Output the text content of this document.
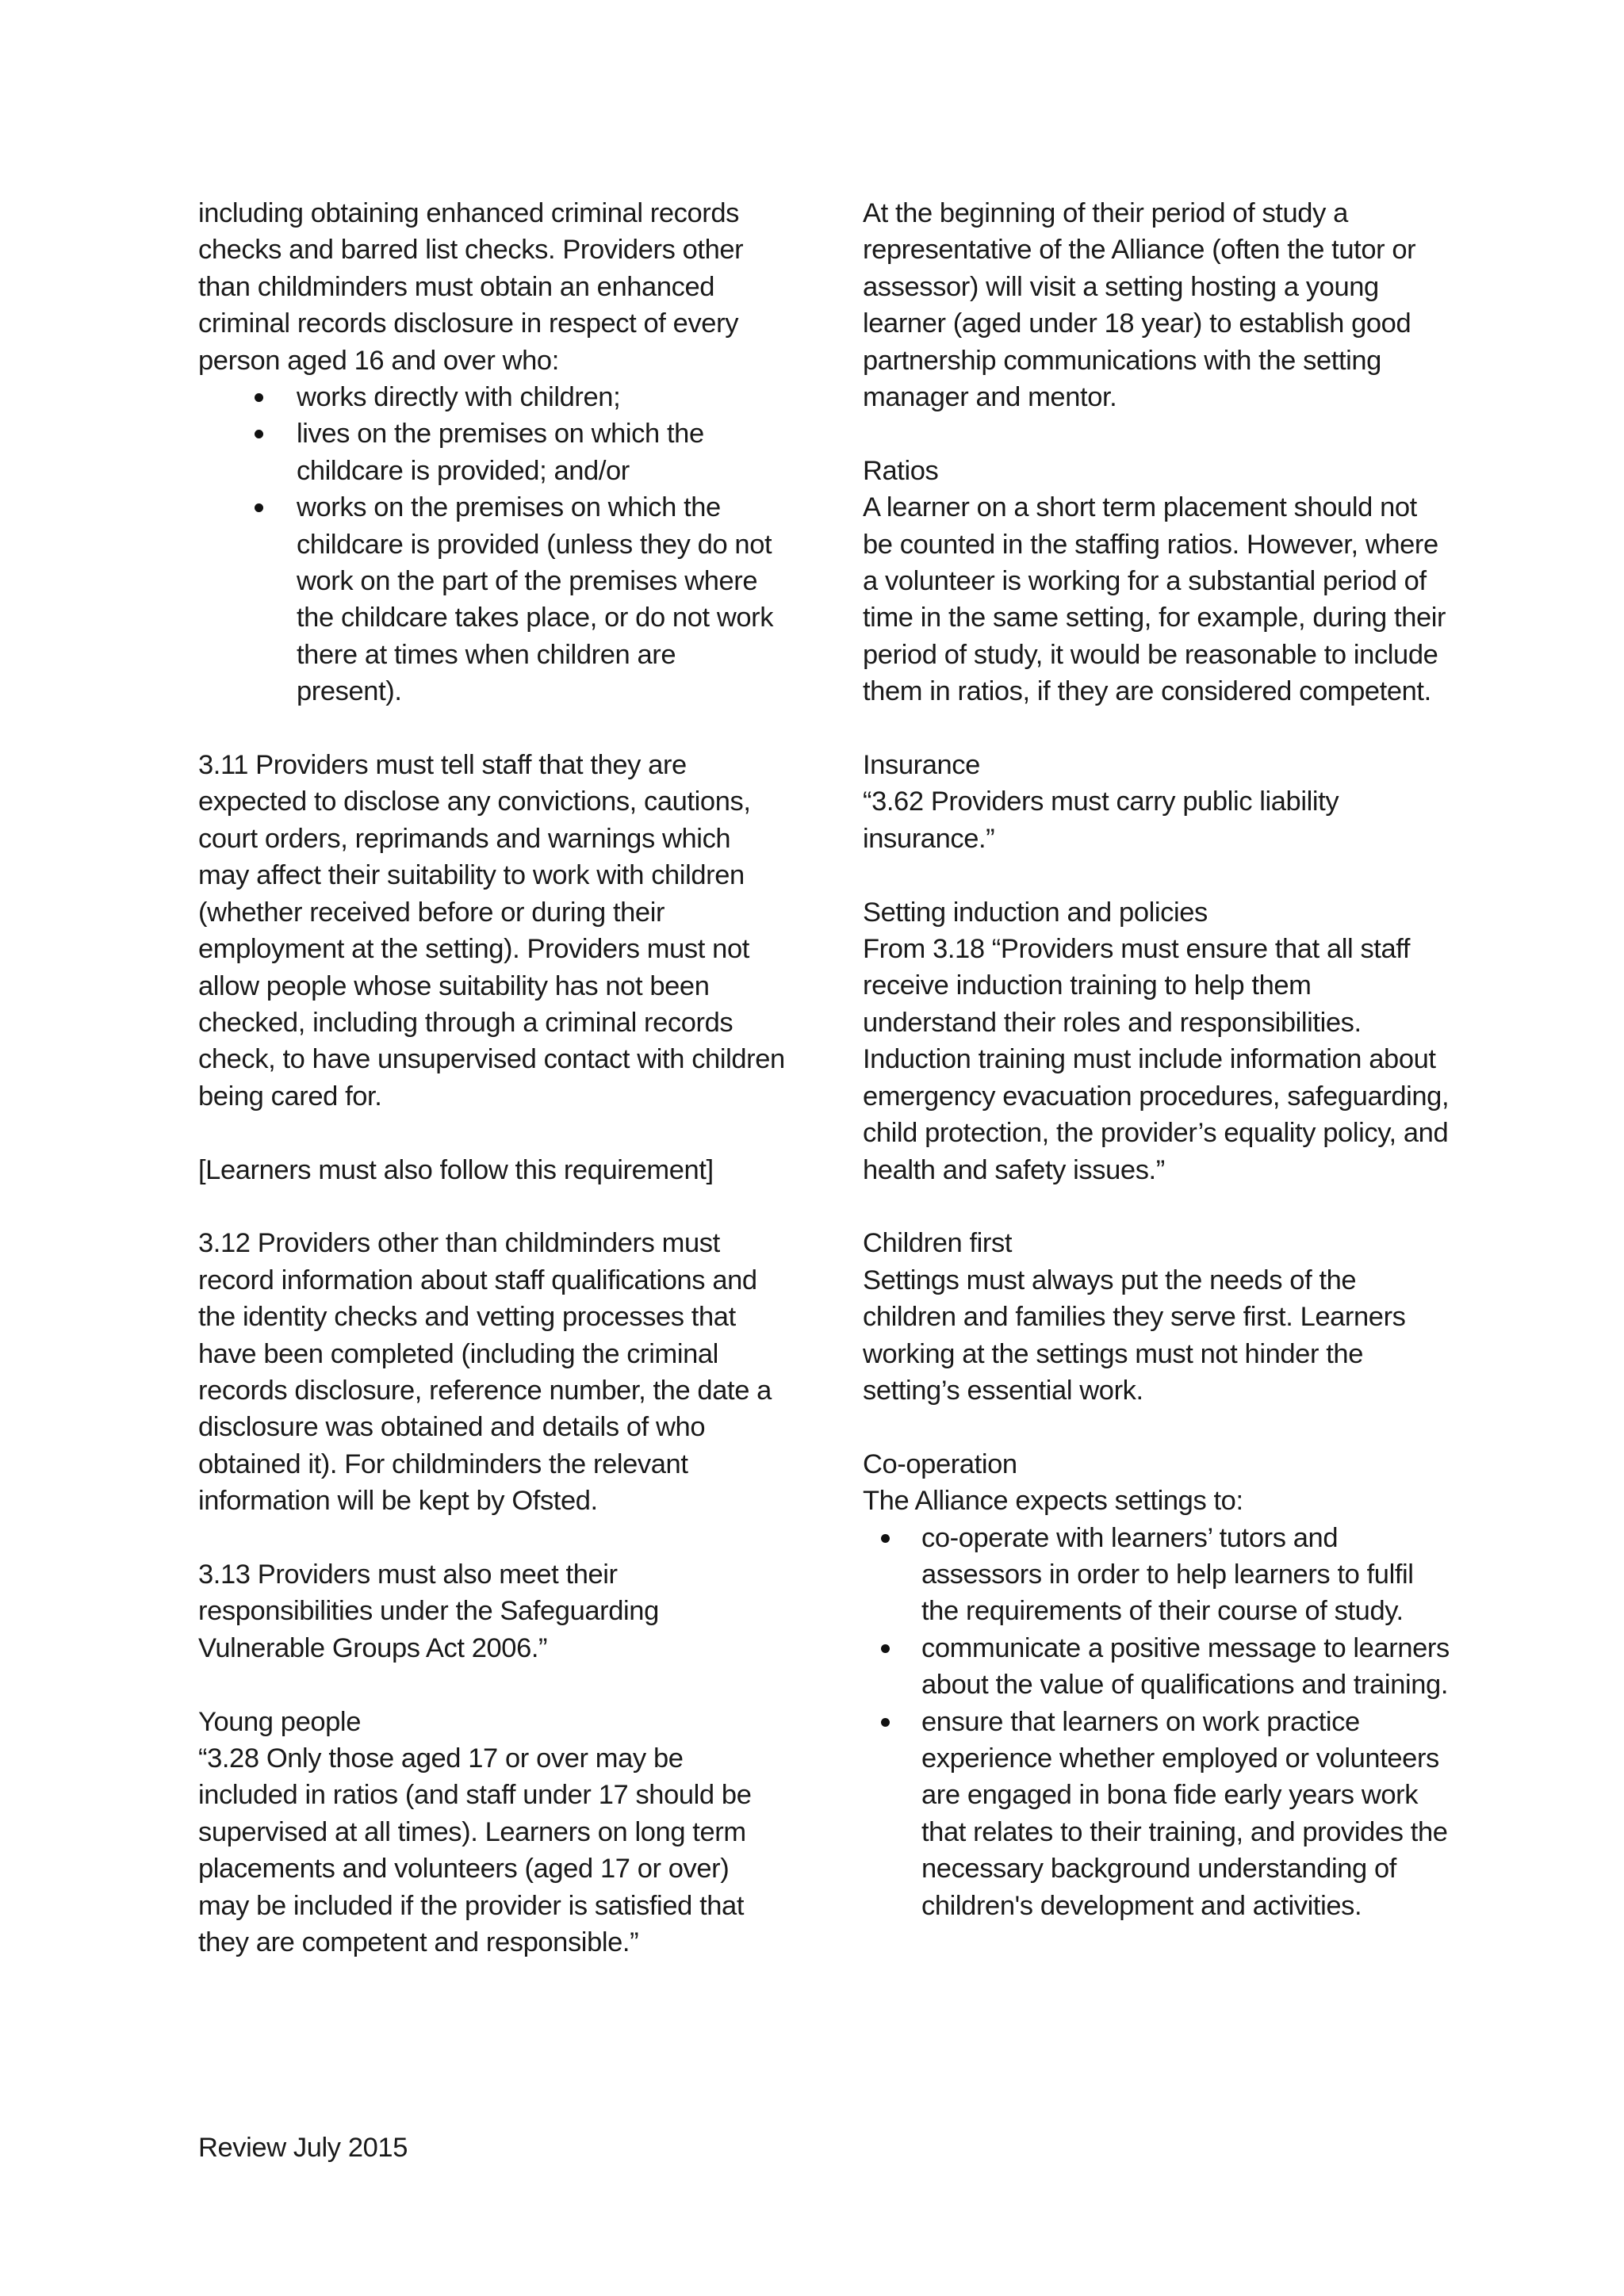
including obtaining enhanced criminal records checks and barred list checks. Providers other than childminders must obtain an enhanced criminal records disclosure in respect of every person aged 16 and over who:

works directly with children;
lives on the premises on which the childcare is provided; and/or
works on the premises on which the childcare is provided (unless they do not work on the part of the premises where the childcare takes place, or do not work there at times when children are present).

3.11 Providers must tell staff that they are expected to disclose any convictions, cautions, court orders, reprimands and warnings which may affect their suitability to work with children (whether received before or during their employment at the setting). Providers must not allow people whose suitability has not been checked, including through a criminal records check, to have unsupervised contact with children being cared for.

[Learners must also follow this requirement]

3.12 Providers other than childminders must record information about staff qualifications and the identity checks and vetting processes that have been completed (including the criminal records disclosure, reference number, the date a disclosure was obtained and details of who obtained it). For childminders the relevant information will be kept by Ofsted.

3.13 Providers must also meet their responsibilities under the Safeguarding Vulnerable Groups Act 2006.”

Young people

“3.28 Only those aged 17 or over may be included in ratios (and staff under 17 should be supervised at all times). Learners on long term placements and volunteers (aged 17 or over) may be included if the provider is satisfied that they are competent and responsible.”

At the beginning of their period of study a representative of the Alliance (often the tutor or assessor) will visit a setting hosting a young learner (aged under 18 year) to establish good partnership communications with the setting manager and mentor.

Ratios

A learner on a short term placement should not be counted in the staffing ratios. However, where a volunteer is working for a substantial period of time in the same setting, for example, during their period of study, it would be reasonable to include them in ratios, if they are considered competent.

Insurance

“3.62 Providers must carry public liability insurance.”

Setting induction and policies

From 3.18 “Providers must ensure that all staff receive induction training to help them understand their roles and responsibilities. Induction training must include information about emergency evacuation procedures, safeguarding, child protection, the provider’s equality policy, and health and safety issues.”

Children first

Settings must always put the needs of the children and families they serve first. Learners working at the settings must not hinder the setting’s essential work.

Co-operation

The Alliance expects settings to:

co-operate with learners’ tutors and assessors in order to help learners to fulfil the requirements of their course of study.
communicate a positive message to learners about the value of qualifications and training.
ensure that learners on work practice experience whether employed or volunteers are engaged in bona fide early years work that relates to their training, and provides the necessary background understanding of children's development and activities.
Review July 2015
